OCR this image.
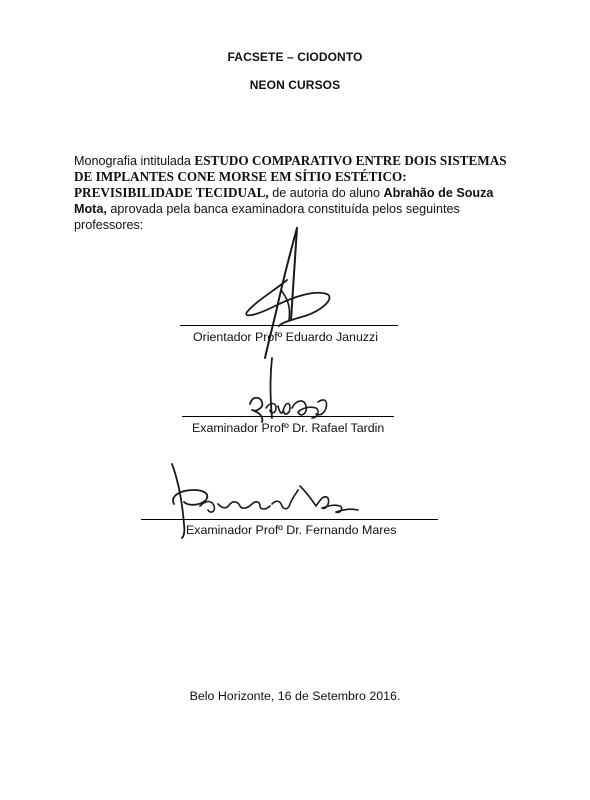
FACSETE – CIODONTO
NEON CURSOS
Monografia intitulada ESTUDO COMPARATIVO ENTRE DOIS SISTEMAS DE IMPLANTES CONE MORSE EM SÍTIO ESTÉTICO: PREVISIBILIDADE TECIDUAL, de autoria do aluno Abrahão de Souza Mota, aprovada pela banca examinadora constituída pelos seguintes professores:
Orientador Profº Eduardo Januzzi
Examinador Profº Dr. Rafael Tardin
Examinador Profº Dr. Fernando Mares
Belo Horizonte, 16 de Setembro 2016.
